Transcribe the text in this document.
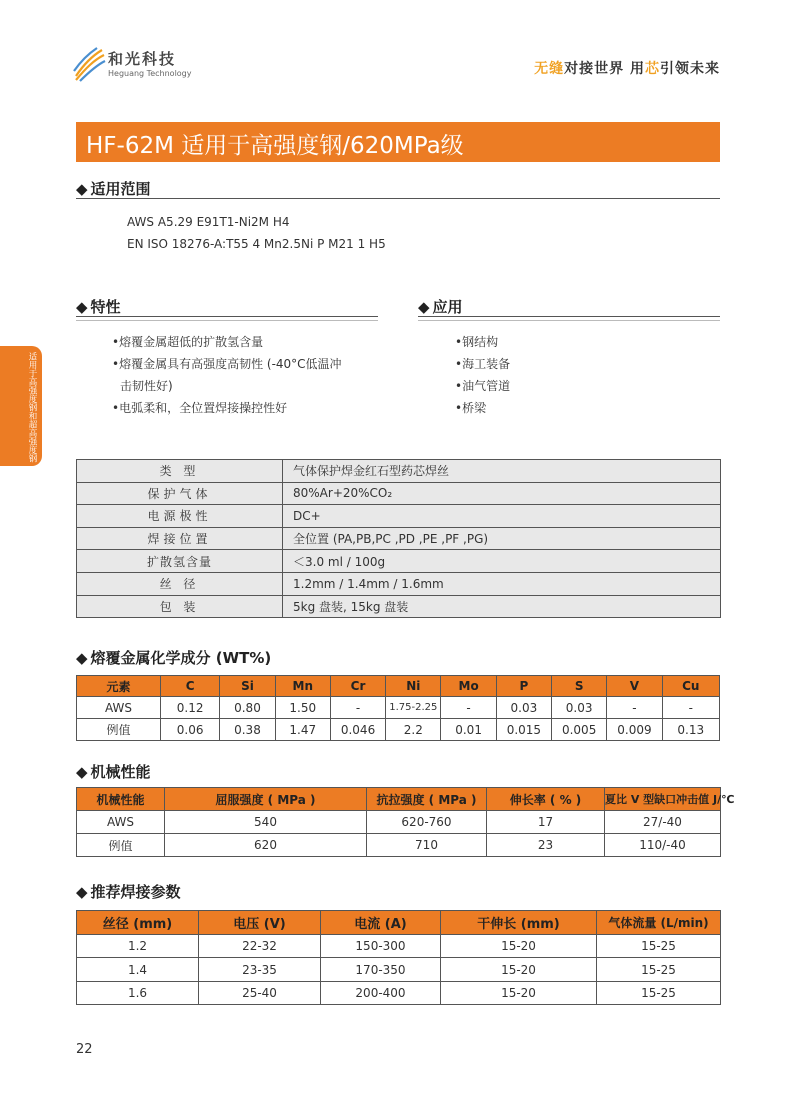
和光科技
Heguang Technology	无缝对接世界 用芯引领未来
HF-62M 适用于高强度钢/620MPa级
◆ 适用范围
AWS A5.29 E91T1-Ni2M H4
EN ISO 18276-A:T55 4 Mn2.5Ni P M21 1 H5
◆ 特性
•熔覆金属超低的扩散氢含量
•熔覆金属具有高强度高韧性 (-40°C低温冲
击韧性好)
•电弧柔和，全位置焊接操控性好
◆ 应用
•钢结构
•海工装备
•油气管道
•桥梁
适用于高强度钢和超高强度钢
类 型	气体保护焊金红石型药芯焊丝
保护气体	80%Ar+20%CO₂
电源极性	DC+
焊接位置	全位置 (PA,PB,PC ,PD ,PE ,PF ,PG)
扩散氢含量	＜3.0 ml / 100g
丝 径	1.2mm / 1.4mm / 1.6mm
包 装	5kg 盘装, 15kg 盘装
◆ 熔覆金属化学成分 (WT%)
元素	C	Si	Mn	Cr	Ni	Mo	P	S	V	Cu
AWS	0.12	0.80	1.50	-	1.75-2.25	-	0.03	0.03	-	-
例值	0.06	0.38	1.47	0.046	2.2	0.01	0.015	0.005	0.009	0.13
◆ 机械性能
机械性能	屈服强度 ( MPa )	抗拉强度 ( MPa )	伸长率 ( % )	夏比 V 型缺口冲击值 J/℃
AWS	540	620-760	17	27/-40
例值	620	710	23	110/-40
◆ 推荐焊接参数
丝径 (mm)	电压 (V)	电流 (A)	干伸长 (mm)	气体流量 (L/min)
1.2	22-32	150-300	15-20	15-25
1.4	23-35	170-350	15-20	15-25
1.6	25-40	200-400	15-20	15-25
22
